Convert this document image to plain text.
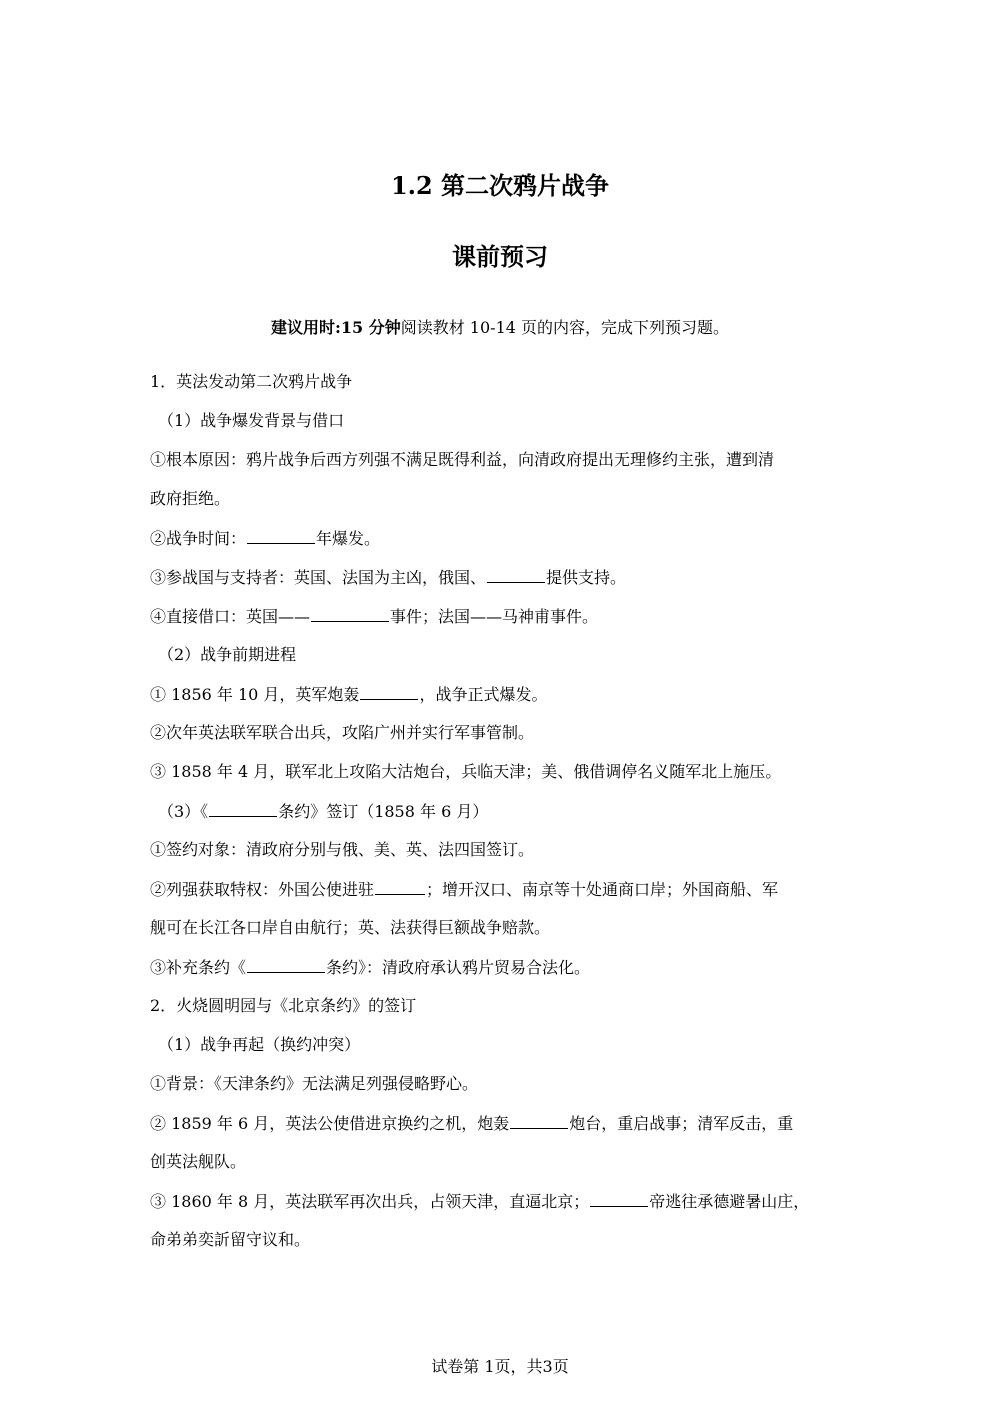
1.2 第二次鸦片战争
课前预习
建议用时:15 分钟阅读教材 10-14 页的内容，完成下列预习题。
1．英法发动第二次鸦片战争
（1）战争爆发背景与借口
①根本原因：鸦片战争后西方列强不满足既得利益，向清政府提出无理修约主张，遭到清
政府拒绝。
②战争时间：	年爆发。
③参战国与支持者：英国、法国为主凶，俄国、	提供支持。
④直接借口：英国——	事件；法国——马神甫事件。
（2）战争前期进程
① 1856 年 10 月，英军炮轰	，战争正式爆发。
②次年英法联军联合出兵，攻陷广州并实行军事管制。
③ 1858 年 4 月，联军北上攻陷大沽炮台，兵临天津；美、俄借调停名义随军北上施压。
（3）《	条约》签订（1858 年 6 月）
①签约对象：清政府分别与俄、美、英、法四国签订。
②列强获取特权：外国公使进驻	；增开汉口、南京等十处通商口岸；外国商船、军
舰可在长江各口岸自由航行；英、法获得巨额战争赔款。
③补充条约《	条约》：清政府承认鸦片贸易合法化。
2．火烧圆明园与《北京条约》的签订
（1）战争再起（换约冲突）
①背景：《天津条约》无法满足列强侵略野心。
② 1859 年 6 月，英法公使借进京换约之机，炮轰	炮台，重启战事；清军反击，重
创英法舰队。
③ 1860 年 8 月，英法联军再次出兵，占领天津，直逼北京；	帝逃往承德避暑山庄，
命弟弟奕訢留守议和。
试卷第 1页，共3页
